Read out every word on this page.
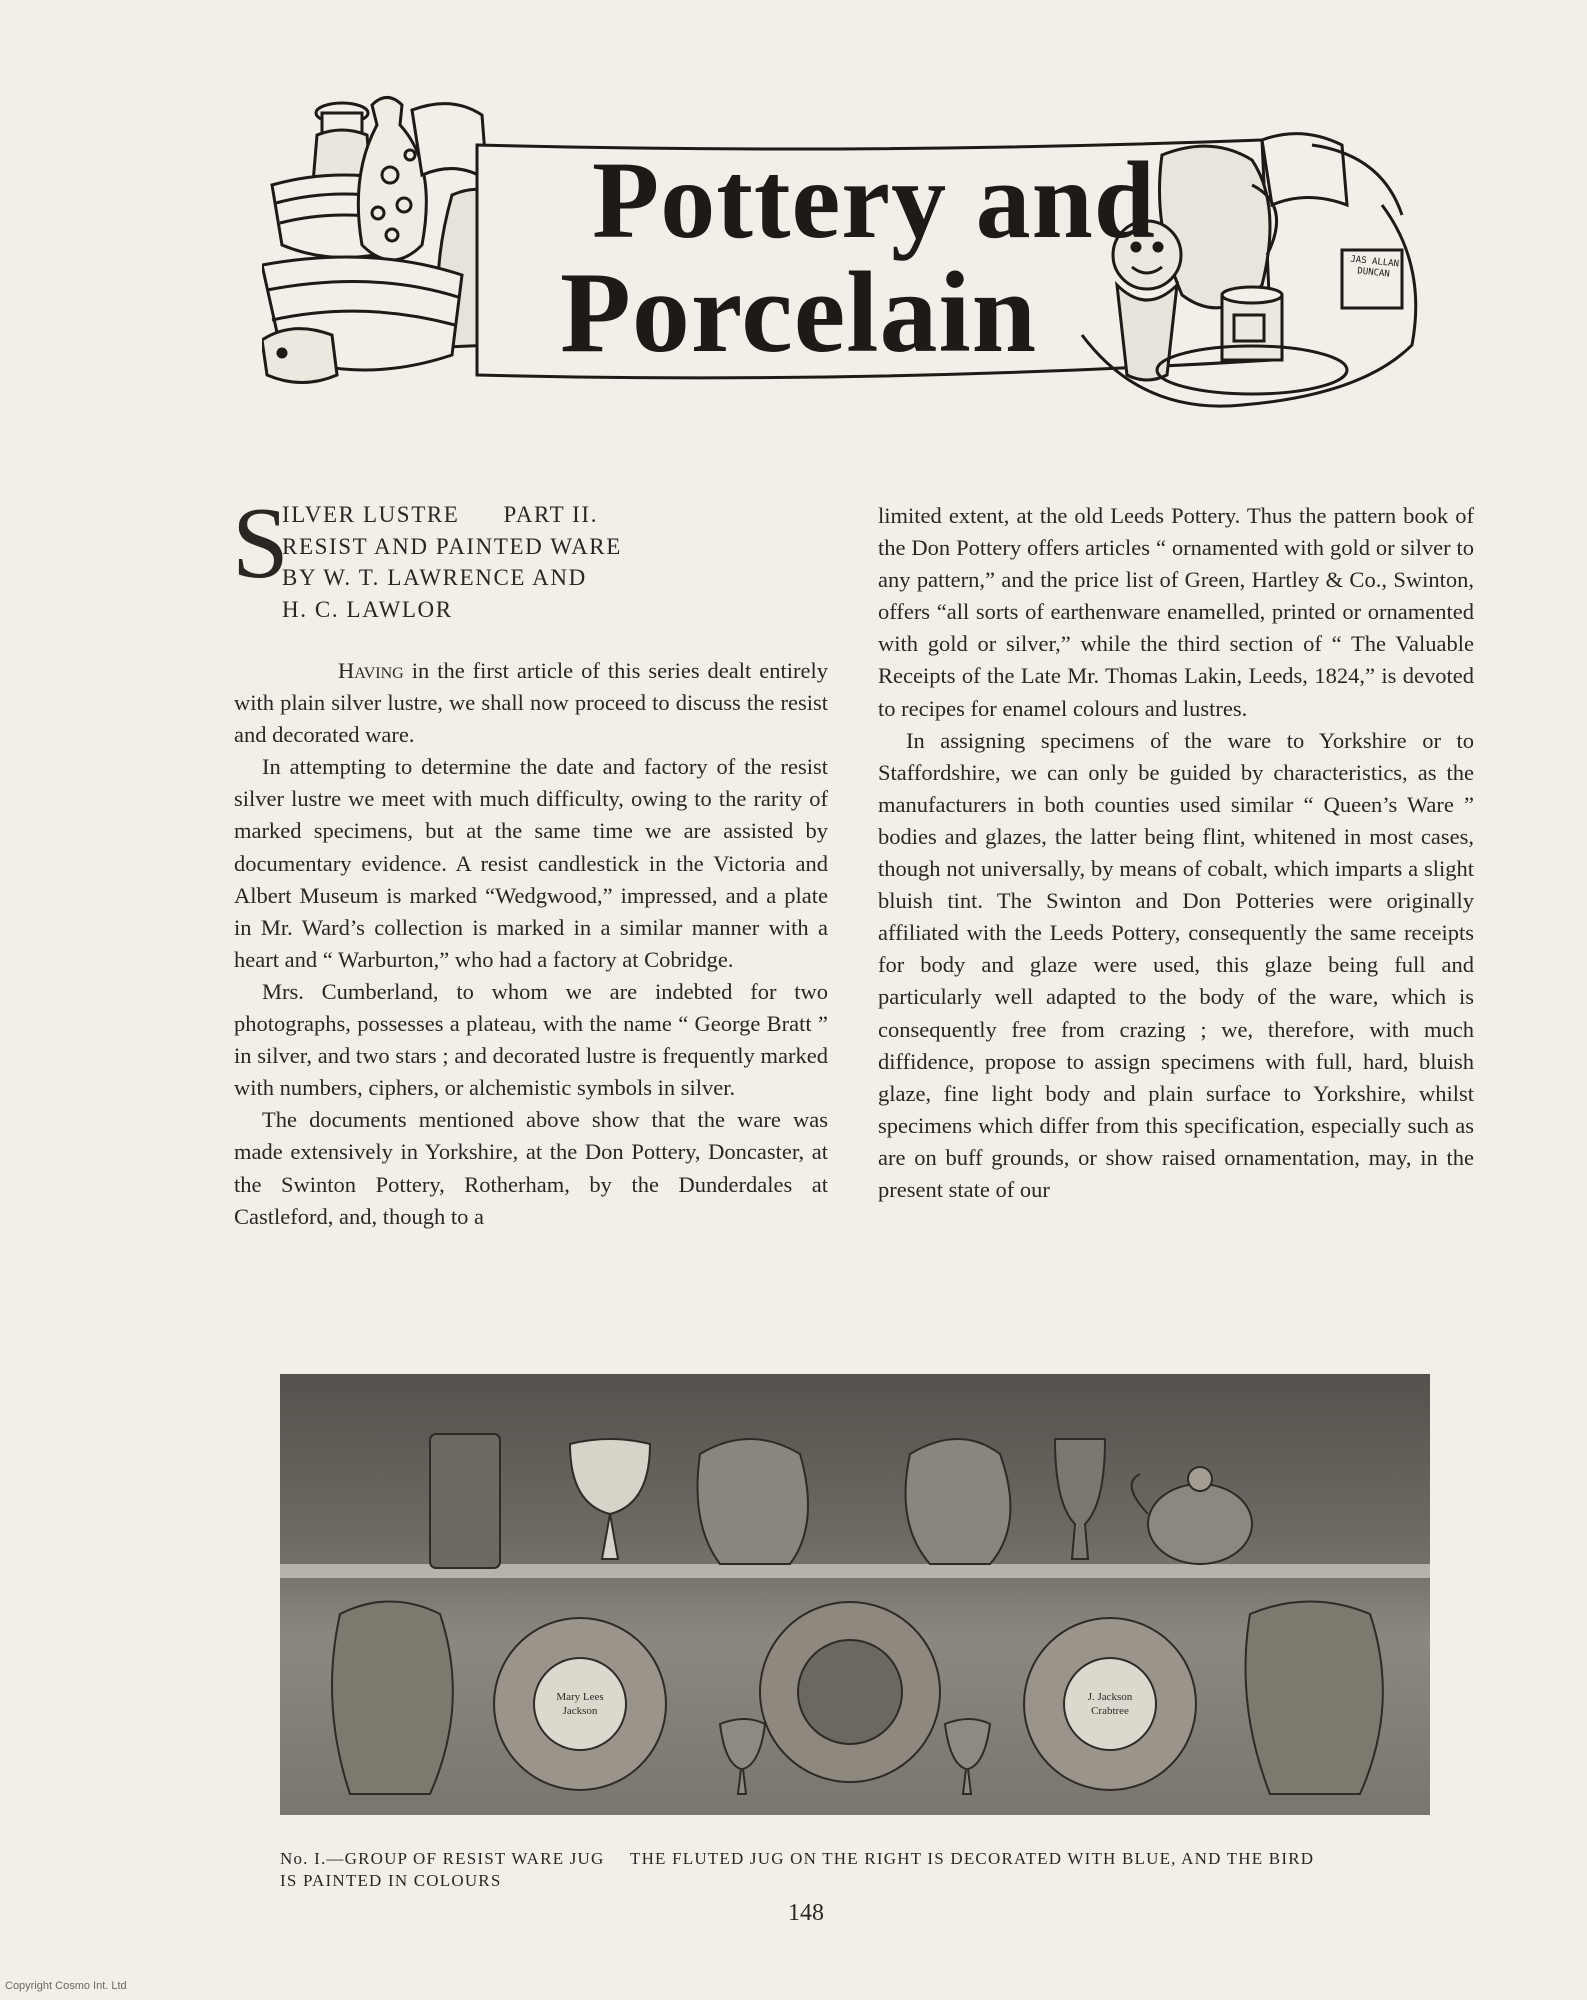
Pottery and
Porcelain	JAS ALLAN DUNCAN
S
ILVER LUSTRE      PART II.
RESIST AND PAINTED WARE
BY W. T. LAWRENCE AND
H. C. LAWLOR

Having in the first article of this series dealt entirely with plain silver lustre, we shall now proceed to discuss the resist and decorated ware.

In attempting to determine the date and factory of the resist silver lustre we meet with much difficulty, owing to the rarity of marked specimens, but at the same time we are assisted by documentary evidence. A resist candlestick in the Victoria and Albert Museum is marked “Wedgwood,” impressed, and a plate in Mr. Ward’s collection is marked in a similar manner with a heart and “ Warburton,” who had a factory at Cobridge.

Mrs. Cumberland, to whom we are indebted for two photographs, possesses a plateau, with the name “ George Bratt ” in silver, and two stars ; and decorated lustre is frequently marked with numbers, ciphers, or alchemistic symbols in silver.

The documents mentioned above show that the ware was made extensively in Yorkshire, at the Don Pottery, Doncaster, at the Swinton Pottery, Rotherham, by the Dunderdales at Castleford, and, though to a

limited extent, at the old Leeds Pottery. Thus the pattern book of the Don Pottery offers articles “ ornamented with gold or silver to any pattern,” and the price list of Green, Hartley & Co., Swinton, offers “all sorts of earthenware enamelled, printed or ornamented with gold or silver,” while the third section of “ The Valuable Receipts of the Late Mr. Thomas Lakin, Leeds, 1824,” is devoted to recipes for enamel colours and lustres.

In assigning specimens of the ware to Yorkshire or to Staffordshire, we can only be guided by characteristics, as the manufacturers in both counties used similar “ Queen’s Ware ” bodies and glazes, the latter being flint, whitened in most cases, though not universally, by means of cobalt, which imparts a slight bluish tint. The Swinton and Don Potteries were originally affiliated with the Leeds Pottery, consequently the same receipts for body and glaze were used, this glaze being full and particularly well adapted to the body of the ware, which is consequently free from crazing ; we, therefore, with much diffidence, propose to assign specimens with full, hard, bluish glaze, fine light body and plain surface to Yorkshire, whilst specimens which differ from this specification, especially such as are on buff grounds, or show raised ornamentation, may, in the present state of our

Mary Lees Jackson
J. Jackson Crabtree
No. I.—GROUP OF RESIST WARE JUG IS PAINTED IN COLOURS
THE FLUTED JUG ON THE RIGHT IS DECORATED WITH BLUE, AND THE BIRD
148
Copyright Cosmo Int. Ltd
